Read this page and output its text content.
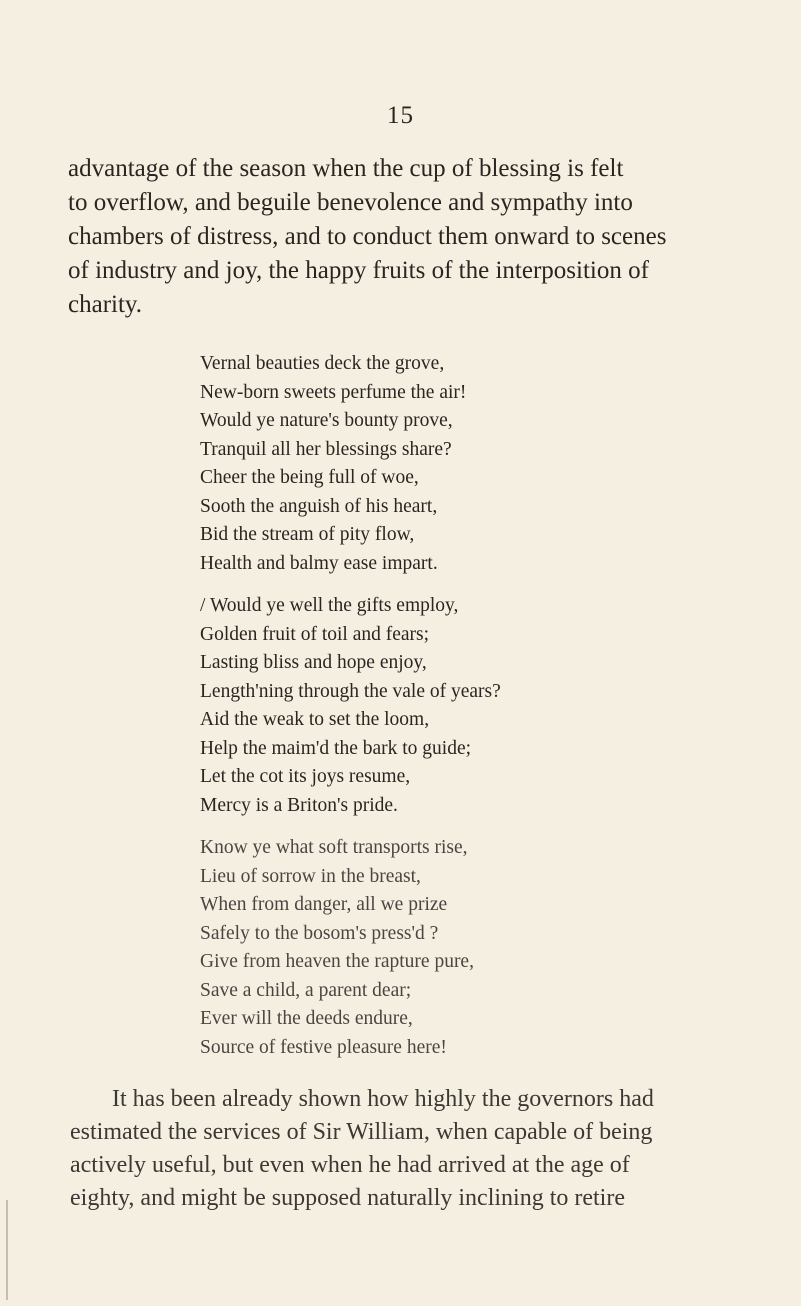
15

advantage of the season when the cup of blessing is felt
to overflow, and beguile benevolence and sympathy into
chambers of distress, and to conduct them onward to scenes
of industry and joy, the happy fruits of the interposition of
charity.

Vernal beauties deck the grove,
New-born sweets perfume the air!
Would ye nature's bounty prove,
Tranquil all her blessings share?
Cheer the being full of woe,
Sooth the anguish of his heart,
Bid the stream of pity flow,
Health and balmy ease impart.
/ Would ye well the gifts employ,
Golden fruit of toil and fears;
Lasting bliss and hope enjoy,
Length'ning through the vale of years?
Aid the weak to set the loom,
Help the maim'd the bark to guide;
Let the cot its joys resume,
Mercy is a Briton's pride.
Know ye what soft transports rise,
Lieu of sorrow in the breast,
When from danger, all we prize
Safely to the bosom's press'd ?
Give from heaven the rapture pure,
Save a child, a parent dear;
Ever will the deeds endure,
Source of festive pleasure here!
It has been already shown how highly the governors had
estimated the services of Sir William, when capable of being
actively useful, but even when he had arrived at the age of
eighty, and might be supposed naturally inclining to retire
